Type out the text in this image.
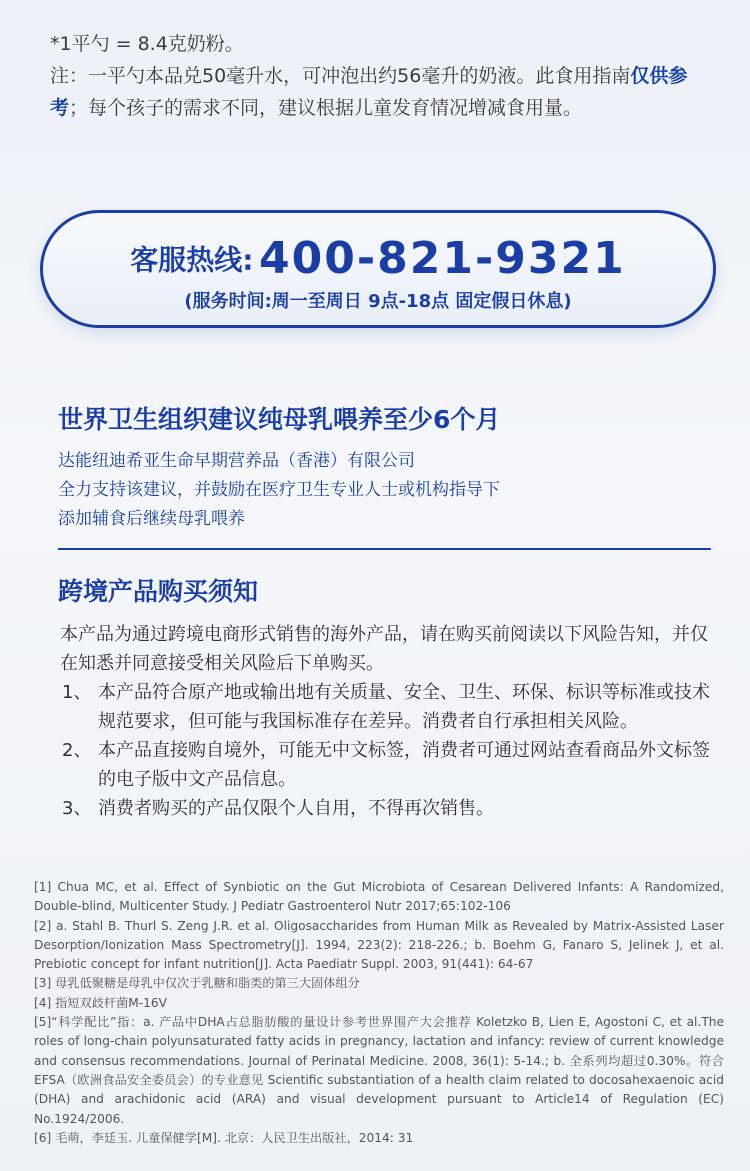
*1平勺 = 8.4克奶粉。
注：一平勺本品兑50毫升水，可冲泡出约56毫升的奶液。此食用指南仅供参考；每个孩子的需求不同，建议根据儿童发育情况增减食用量。
客服热线: 400-821-9321
(服务时间:周一至周日 9点-18点 固定假日休息)
世界卫生组织建议纯母乳喂养至少6个月
达能纽迪希亚生命早期营养品（香港）有限公司
全力支持该建议，并鼓励在医疗卫生专业人士或机构指导下
添加辅食后继续母乳喂养
跨境产品购买须知
本产品为通过跨境电商形式销售的海外产品，请在购买前阅读以下风险告知，并仅在知悉并同意接受相关风险后下单购买。
1、 本产品符合原产地或输出地有关质量、安全、卫生、环保、标识等标准或技术规范要求，但可能与我国标准存在差异。消费者自行承担相关风险。
2、 本产品直接购自境外，可能无中文标签，消费者可通过网站查看商品外文标签的电子版中文产品信息。
3、 消费者购买的产品仅限个人自用，不得再次销售。
[1] Chua MC, et al. Effect of Synbiotic on the Gut Microbiota of Cesarean Delivered Infants: A Randomized, Double-blind, Multicenter Study. J Pediatr Gastroenterol Nutr 2017;65:102-106
[2] a. Stahl B. Thurl S. Zeng J.R. et al. Oligosaccharides from Human Milk as Revealed by Matrix-Assisted Laser Desorption/Ionization Mass Spectrometry[J]. 1994, 223(2): 218-226.; b. Boehm G, Fanaro S, Jelinek J, et al. Prebiotic concept for infant nutrition[J]. Acta Paediatr Suppl. 2003, 91(441): 64-67
[3] 母乳低聚糖是母乳中仅次于乳糖和脂类的第三大固体组分
[4] 指短双歧杆菌M-16V
[5]“科学配比”指：a. 产品中DHA占总脂肪酸的量设计参考世界围产大会推荐 Koletzko B, Lien E, Agostoni C, et al.The roles of long-chain polyunsaturated fatty acids in pregnancy, lactation and infancy: review of current knowledge and consensus recommendations. Journal of Perinatal Medicine. 2008, 36(1): 5-14.; b. 全系列均超过0.30%。符合EFSA（欧洲食品安全委员会）的专业意见 Scientific substantiation of a health claim related to docosahexaenoic acid (DHA) and arachidonic acid (ARA) and visual development pursuant to Article14 of Regulation (EC) No.1924/2006.
[6] 毛萌，李廷玉. 儿童保健学[M]. 北京：人民卫生出版社，2014: 31
